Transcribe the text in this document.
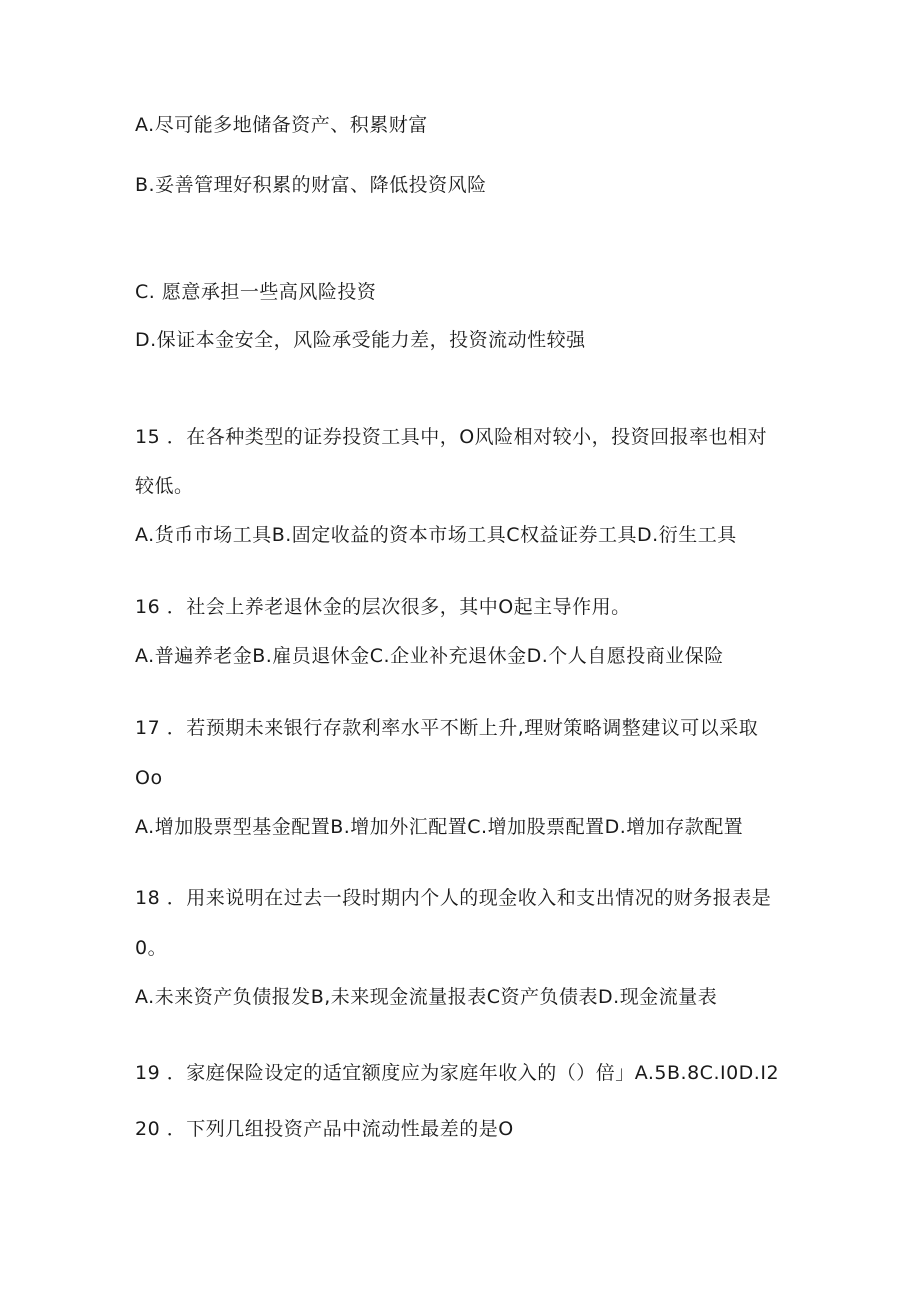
A.尽可能多地储备资产、积累财富
B.妥善管理好积累的财富、降低投资风险
C. 愿意承担一些高风险投资
D.保证本金安全，风险承受能力差，投资流动性较强
15 ．在各种类型的证券投资工具中，O风险相对较小，投资回报率也相对
较低。
A.货币市场工具B.固定收益的资本市场工具C权益证券工具D.衍生工具
16 ．社会上养老退休金的层次很多，其中O起主导作用。
A.普遍养老金B.雇员退休金C.企业补充退休金D.个人自愿投商业保险
17 ．若预期未来银行存款利率水平不断上升,理财策略调整建议可以采取
Oo
A.增加股票型基金配置B.增加外汇配置C.增加股票配置D.增加存款配置
18 ．用来说明在过去一段时期内个人的现金收入和支出情况的财务报表是
0。
A.未来资产负债报发B,未来现金流量报表C资产负债表D.现金流量表
19 ．家庭保险设定的适宜额度应为家庭年收入的（）倍」A.5B.8C.I0D.I2
20 ．下列几组投资产品中流动性最差的是O
